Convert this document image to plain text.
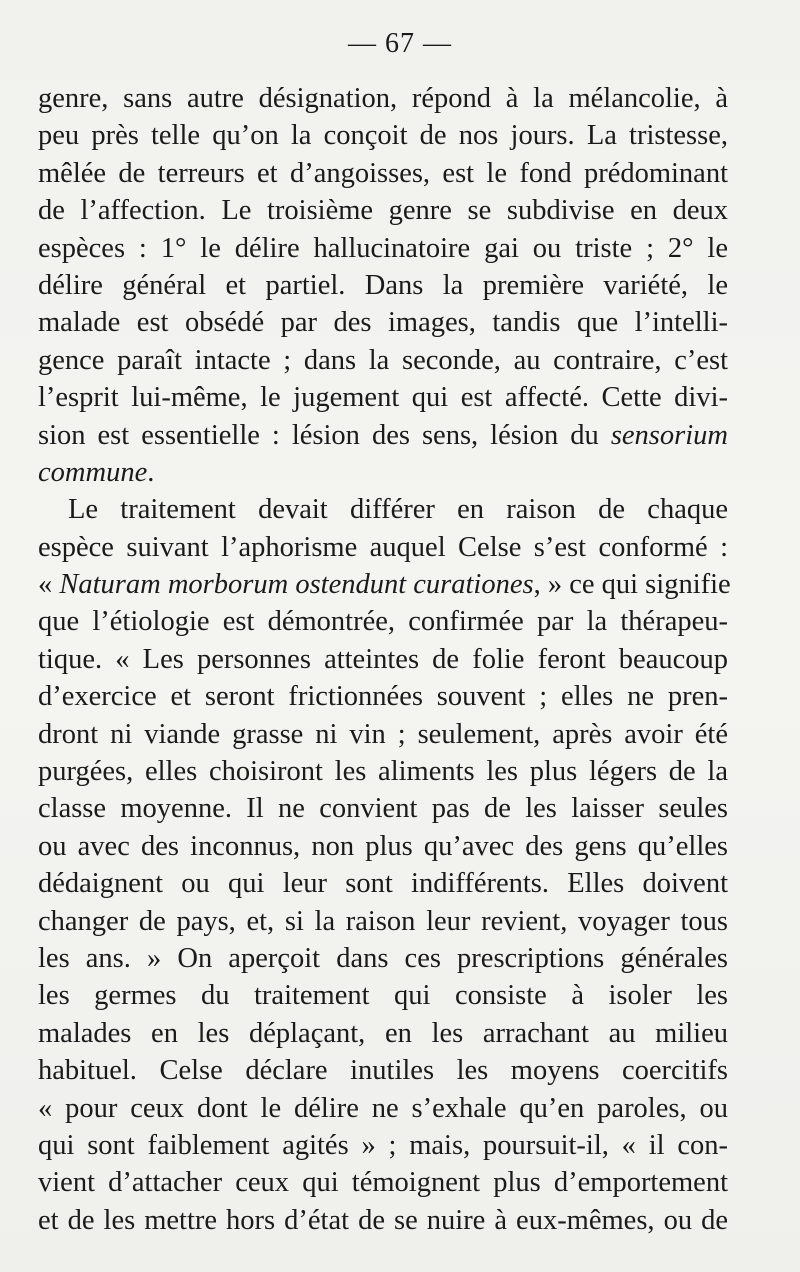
— 67 —
genre, sans autre désignation, répond à la mélancolie, à
peu près telle qu’on la conçoit de nos jours. La tristesse,
mêlée de terreurs et d’angoisses, est le fond prédominant
de l’affection. Le troisième genre se subdivise en deux
espèces : 1° le délire hallucinatoire gai ou triste ; 2° le
délire général et partiel. Dans la première variété, le
malade est obsédé par des images, tandis que l’intelli-
gence paraît intacte ; dans la seconde, au contraire, c’est
l’esprit lui-même, le jugement qui est affecté. Cette divi-
sion est essentielle : lésion des sens, lésion du sensorium
commune.
Le traitement devait différer en raison de chaque
espèce suivant l’aphorisme auquel Celse s’est conformé :
« Naturam morborum ostendunt curationes, » ce qui signifie
que l’étiologie est démontrée, confirmée par la thérapeu-
tique. « Les personnes atteintes de folie feront beaucoup
d’exercice et seront frictionnées souvent ; elles ne pren-
dront ni viande grasse ni vin ; seulement, après avoir été
purgées, elles choisiront les aliments les plus légers de la
classe moyenne. Il ne convient pas de les laisser seules
ou avec des inconnus, non plus qu’avec des gens qu’elles
dédaignent ou qui leur sont indifférents. Elles doivent
changer de pays, et, si la raison leur revient, voyager tous
les ans. » On aperçoit dans ces prescriptions générales
les germes du traitement qui consiste à isoler les
malades en les déplaçant, en les arrachant au milieu
habituel. Celse déclare inutiles les moyens coercitifs
« pour ceux dont le délire ne s’exhale qu’en paroles, ou
qui sont faiblement agités » ; mais, poursuit-il, « il con-
vient d’attacher ceux qui témoignent plus d’emportement
et de les mettre hors d’état de se nuire à eux-mêmes, ou de
